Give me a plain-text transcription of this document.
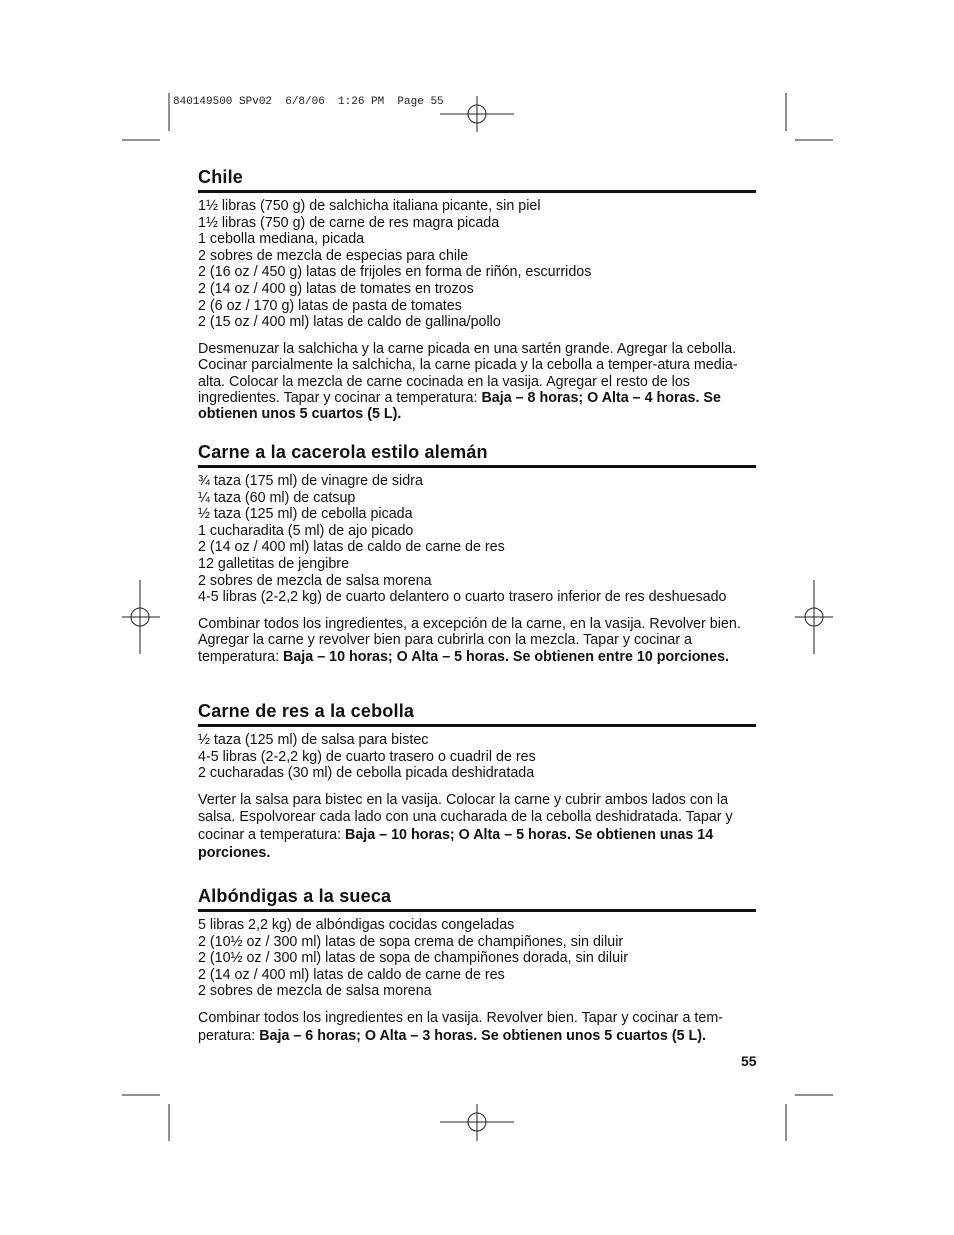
840149500 SPv02  6/8/06  1:26 PM  Page 55
Chile
1½ libras (750 g) de salchicha italiana picante, sin piel
1½ libras (750 g) de carne de res magra picada
1 cebolla mediana, picada
2 sobres de mezcla de especias para chile
2 (16 oz / 450 g) latas de frijoles en forma de riñón, escurridos
2 (14 oz / 400 g) latas de tomates en trozos
2 (6 oz / 170 g) latas de pasta de tomates
2 (15 oz / 400 ml) latas de caldo de gallina/pollo

Desmenuzar la salchicha y la carne picada en una sartén grande. Agregar la cebolla. Cocinar parcialmente la salchicha, la carne picada y la cebolla a temper-atura media-alta. Colocar la mezcla de carne cocinada en la vasija. Agregar el resto de los ingredientes. Tapar y cocinar a temperatura: Baja – 8 horas; O Alta – 4 horas. Se obtienen unos 5 cuartos (5 L).

Carne a la cacerola estilo alemán
¾ taza (175 ml) de vinagre de sidra
¼ taza (60 ml) de catsup
½ taza (125 ml) de cebolla picada
1 cucharadita (5 ml) de ajo picado
2 (14 oz / 400 ml) latas de caldo de carne de res
12 galletitas de jengibre
2 sobres de mezcla de salsa morena
4-5 libras (2-2,2 kg) de cuarto delantero o cuarto trasero inferior de res deshuesado

Combinar todos los ingredientes, a excepción de la carne, en la vasija. Revolver bien. Agregar la carne y revolver bien para cubrirla con la mezcla. Tapar y cocinar a temperatura: Baja – 10 horas; O Alta – 5 horas. Se obtienen entre 10 porciones.

Carne de res a la cebolla
½ taza (125 ml) de salsa para bistec
4-5 libras (2-2,2 kg) de cuarto trasero o cuadril de res
2 cucharadas (30 ml) de cebolla picada deshidratada

Verter la salsa para bistec en la vasija. Colocar la carne y cubrir ambos lados con la salsa. Espolvorear cada lado con una cucharada de la cebolla deshidratada. Tapar y cocinar a temperatura: Baja – 10 horas; O Alta – 5 horas. Se obtienen unas 14 porciones.

Albóndigas a la sueca
5 libras 2,2 kg) de albóndigas cocidas congeladas
2 (10½ oz / 300 ml) latas de sopa crema de champiñones, sin diluir
2 (10½ oz / 300 ml) latas de sopa de champiñones dorada, sin diluir
2 (14 oz / 400 ml) latas de caldo de carne de res
2 sobres de mezcla de salsa morena

Combinar todos los ingredientes en la vasija. Revolver bien. Tapar y cocinar a tem-peratura: Baja – 6 horas; O Alta – 3 horas. Se obtienen unos 5 cuartos (5 L).

55
